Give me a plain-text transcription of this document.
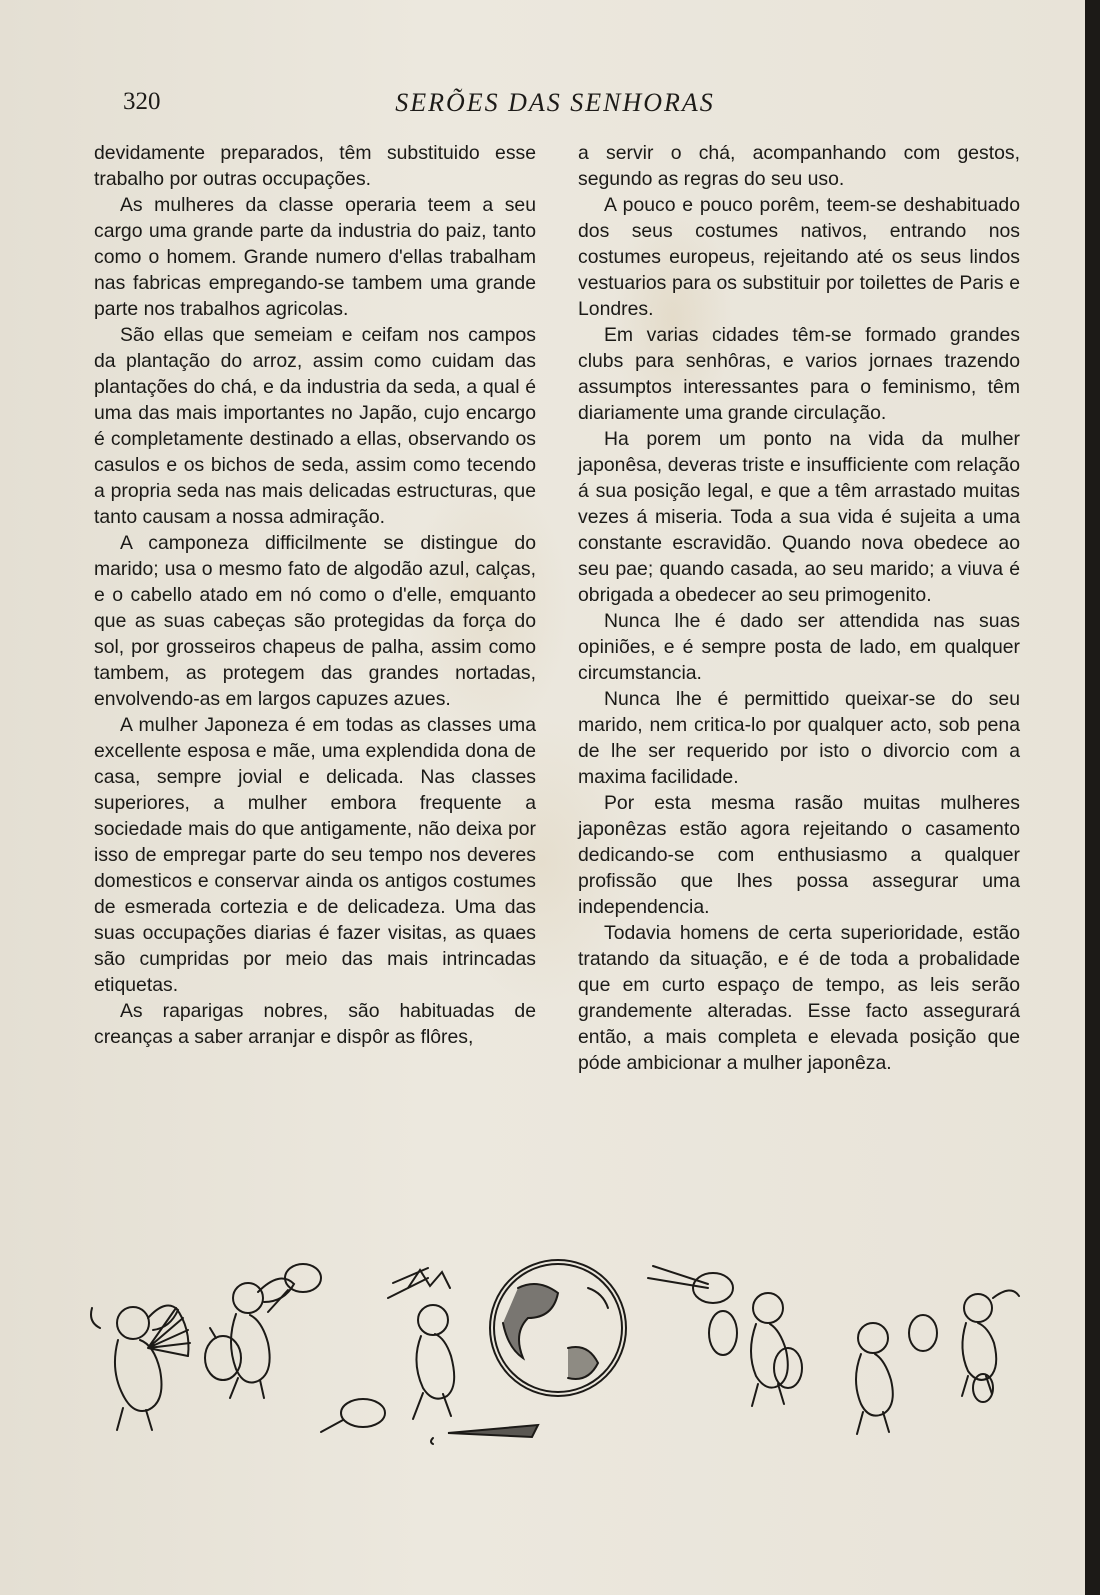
320	SERÕES DAS SENHORAS

devidamente preparados, têm substituido esse trabalho por outras occupações.

As mulheres da classe operaria teem a seu cargo uma grande parte da industria do paiz, tanto como o homem. Grande numero d'ellas trabalham nas fabricas empregando-se tambem uma grande parte nos trabalhos agricolas.

São ellas que semeiam e ceifam nos campos da plantação do arroz, assim como cuidam das plantações do chá, e da industria da seda, a qual é uma das mais importantes no Japão, cujo encargo é completamente destinado a ellas, observando os casulos e os bichos de seda, assim como tecendo a propria seda nas mais delicadas estructuras, que tanto causam a nossa admiração.

A camponeza difficilmente se distingue do marido; usa o mesmo fato de algodão azul, calças, e o cabello atado em nó como o d'elle, emquanto que as suas cabeças são protegidas da força do sol, por grosseiros chapeus de palha, assim como tambem, as protegem das grandes nortadas, envolvendo-as em largos capuzes azues.

A mulher Japoneza é em todas as classes uma excellente esposa e mãe, uma explendida dona de casa, sempre jovial e delicada. Nas classes superiores, a mulher embora frequente a sociedade mais do que antigamente, não deixa por isso de empregar parte do seu tempo nos deveres domesticos e conservar ainda os antigos costumes de esmerada cortezia e de delicadeza. Uma das suas occupações diarias é fazer visitas, as quaes são cumpridas por meio das mais intrincadas etiquetas.

As raparigas nobres, são habituadas de creanças a saber arranjar e dispôr as flôres,

a servir o chá, acompanhando com gestos, segundo as regras do seu uso.

A pouco e pouco porêm, teem-se deshabituado dos seus costumes nativos, entrando nos costumes europeus, rejeitando até os seus lindos vestuarios para os substituir por toilettes de Paris e Londres.

Em varias cidades têm-se formado grandes clubs para senhôras, e varios jornaes trazendo assumptos interessantes para o feminismo, têm diariamente uma grande circulação.

Ha porem um ponto na vida da mulher japonêsa, deveras triste e insufficiente com relação á sua posição legal, e que a têm arrastado muitas vezes á miseria. Toda a sua vida é sujeita a uma constante escravidão. Quando nova obedece ao seu pae; quando casada, ao seu marido; a viuva é obrigada a obedecer ao seu primogenito.

Nunca lhe é dado ser attendida nas suas opiniões, e é sempre posta de lado, em qualquer circumstancia.

Nunca lhe é permittido queixar-se do seu marido, nem critica-lo por qualquer acto, sob pena de lhe ser requerido por isto o divorcio com a maxima facilidade.

Por esta mesma rasão muitas mulheres japonêzas estão agora rejeitando o casamento dedicando-se com enthusiasmo a qualquer profissão que lhes possa assegurar uma independencia.

Todavia homens de certa superioridade, estão tratando da situação, e é de toda a probalidade que em curto espaço de tempo, as leis serão grandemente alteradas. Esse facto assegurará então, a mais completa e elevada posição que póde ambicionar a mulher japonêza.
